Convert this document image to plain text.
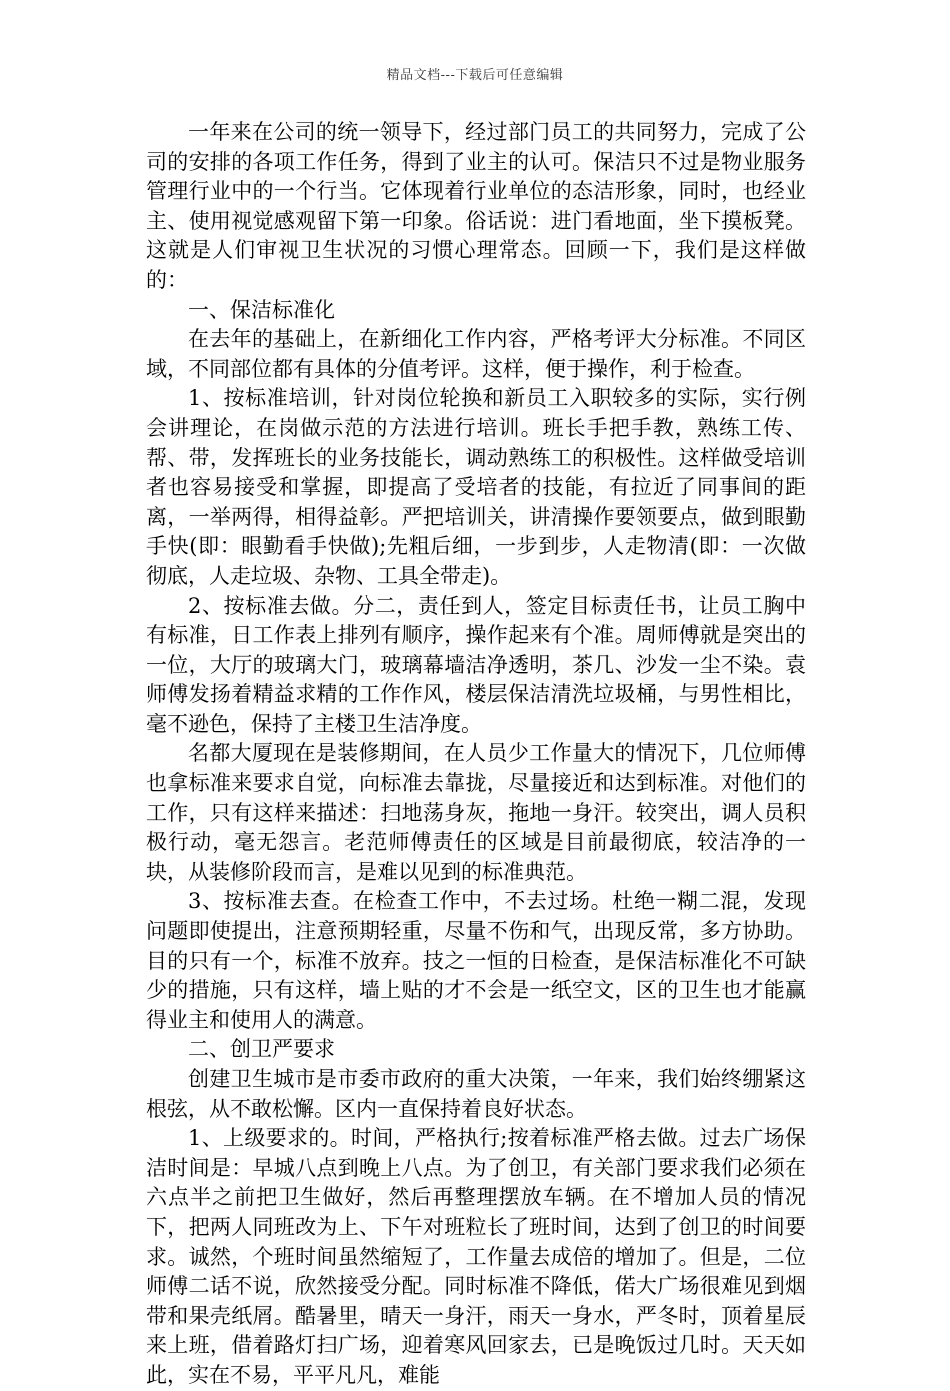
精品文档---下载后可任意编辑

一年来在公司的统一领导下，经过部门员工的共同努力，完成了公司的安排的各项工作任务，得到了业主的认可。保洁只不过是物业服务管理行业中的一个行当。它体现着行业单位的态洁形象，同时，也经业主、使用视觉感观留下第一印象。俗话说：进门看地面，坐下摸板凳。这就是人们审视卫生状况的习惯心理常态。回顾一下，我们是这样做的：

一、保洁标准化

在去年的基础上，在新细化工作内容，严格考评大分标准。不同区域，不同部位都有具体的分值考评。这样，便于操作，利于检查。

1、按标准培训，针对岗位轮换和新员工入职较多的实际，实行例会讲理论，在岗做示范的方法进行培训。班长手把手教，熟练工传、帮、带，发挥班长的业务技能长，调动熟练工的积极性。这样做受培训者也容易接受和掌握，即提高了受培者的技能，有拉近了同事间的距离，一举两得，相得益彰。严把培训关，讲清操作要领要点，做到眼勤手快(即：眼勤看手快做);先粗后细，一步到步，人走物清(即：一次做彻底，人走垃圾、杂物、工具全带走)。

2、按标准去做。分二，责任到人，签定目标责任书，让员工胸中有标准，日工作表上排列有顺序，操作起来有个准。周师傅就是突出的一位，大厅的玻璃大门，玻璃幕墙洁净透明，茶几、沙发一尘不染。袁师傅发扬着精益求精的工作作风，楼层保洁清洗垃圾桶，与男性相比，毫不逊色，保持了主楼卫生洁净度。

名都大厦现在是装修期间，在人员少工作量大的情况下，几位师傅也拿标准来要求自觉，向标准去靠拢，尽量接近和达到标准。对他们的工作，只有这样来描述：扫地荡身灰，拖地一身汗。较突出，调人员积极行动，毫无怨言。老范师傅责任的区域是目前最彻底，较洁净的一块，从装修阶段而言，是难以见到的标准典范。

3、按标准去查。在检查工作中，不去过场。杜绝一糊二混，发现问题即使提出，注意预期轻重，尽量不伤和气，出现反常，多方协助。目的只有一个，标准不放弃。技之一恒的日检查，是保洁标准化不可缺少的措施，只有这样，墙上贴的才不会是一纸空文，区的卫生也才能赢得业主和使用人的满意。

二、创卫严要求

创建卫生城市是市委市政府的重大决策，一年来，我们始终绷紧这根弦，从不敢松懈。区内一直保持着良好状态。

1、上级要求的。时间，严格执行;按着标准严格去做。过去广场保洁时间是：早城八点到晚上八点。为了创卫，有关部门要求我们必须在六点半之前把卫生做好，然后再整理摆放车辆。在不增加人员的情况下，把两人同班改为上、下午对班粒长了班时间，达到了创卫的时间要求。诚然，个班时间虽然缩短了，工作量去成倍的增加了。但是，二位师傅二话不说，欣然接受分配。同时标准不降低，偌大广场很难见到烟带和果壳纸屑。酷暑里，晴天一身汗，雨天一身水，严冬时，顶着星辰来上班，借着路灯扫广场，迎着寒风回家去，已是晚饭过几时。天天如此，实在不易，平平凡凡，难能
